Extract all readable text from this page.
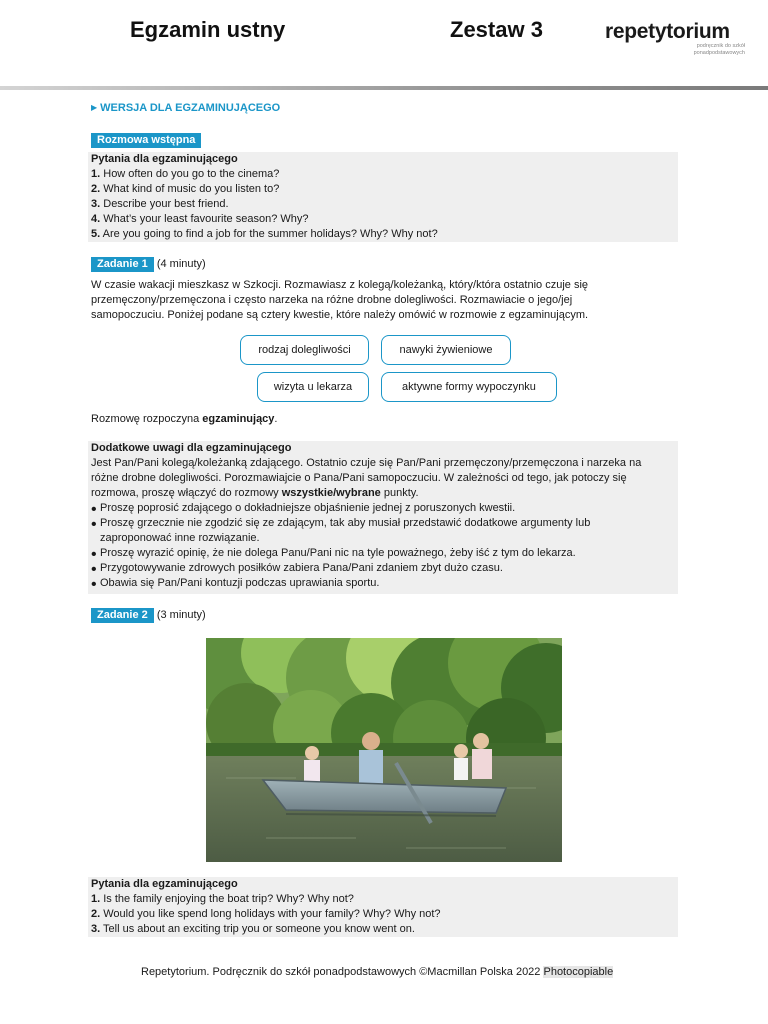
Egzamin ustny	Zestaw 3	repetytorium
podręcznik do szkół
ponadpodstawowych
▶ WERSJA DLA EGZAMINUJĄCEGO
Rozmowa wstępna
Pytania dla egzaminującego
1. How often do you go to the cinema?
2. What kind of music do you listen to?
3. Describe your best friend.
4. What’s your least favourite season? Why?
5. Are you going to find a job for the summer holidays? Why? Why not?
Zadanie 1 (4 minuty)
W czasie wakacji mieszkasz w Szkocji. Rozmawiasz z kolegą/koleżanką, który/która ostatnio czuje się
przemęczony/przemęczona i często narzeka na różne drobne dolegliwości. Rozmawiacie o jego/jej
samopoczuciu. Poniżej podane są cztery kwestie, które należy omówić w rozmowie z egzaminującym.
rodzaj dolegliwości	nawyki żywieniowe
wizyta u lekarza	aktywne formy wypoczynku
Rozmowę rozpoczyna egzaminujący.
Dodatkowe uwagi dla egzaminującego
Jest Pan/Pani kolegą/koleżanką zdającego. Ostatnio czuje się Pan/Pani przemęczony/przemęczona i narzeka na
różne drobne dolegliwości. Porozmawiajcie o Pana/Pani samopoczuciu. W zależności od tego, jak potoczy się
rozmowa, proszę włączyć do rozmowy wszystkie/wybrane punkty.
• Proszę poprosić zdającego o dokładniejsze objaśnienie jednej z poruszonych kwestii.
• Proszę grzecznie nie zgodzić się ze zdającym, tak aby musiał przedstawić dodatkowe argumenty lub
zaproponować inne rozwiązanie.
• Proszę wyrazić opinię, że nie dolega Panu/Pani nic na tyle poważnego, żeby iść z tym do lekarza.
• Przygotowywanie zdrowych posiłków zabiera Pana/Pani zdaniem zbyt dużo czasu.
• Obawia się Pan/Pani kontuzji podczas uprawiania sportu.
Zadanie 2 (3 minuty)
Pytania dla egzaminującego
1. Is the family enjoying the boat trip? Why? Why not?
2. Would you like spend long holidays with your family? Why? Why not?
3. Tell us about an exciting trip you or someone you know went on.
Repetytorium. Podręcznik do szkół ponadpodstawowych ©Macmillan Polska 2022 Photocopiable
